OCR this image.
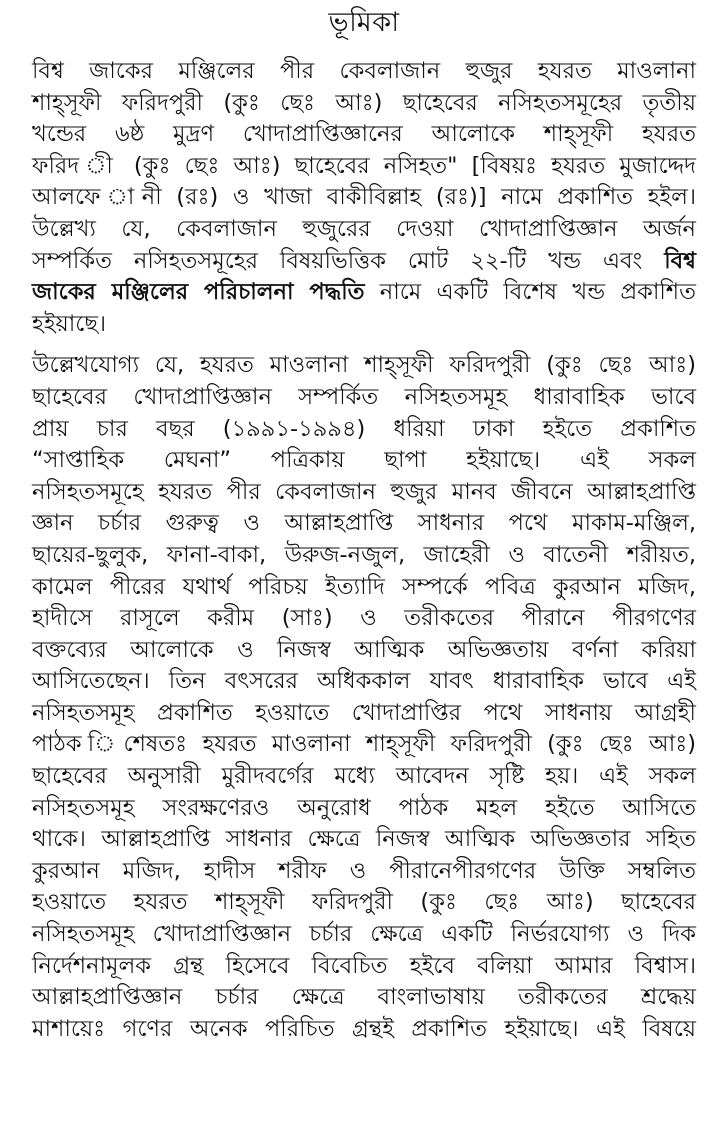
ভূমিকা
বিশ্ব জাকের মঞ্জিলের পীর কেবলাজান হুজুর হযরত মাওলানা
শাহ্‌সূফী ফরিদপুরী (কুঃ ছেঃ আঃ) ছাহেবের নসিহতসমূহের তৃতীয়
খন্ডের ৬ষ্ঠ মুদ্রণ খোদাপ্রাপ্তিজ্ঞানের আলোকে শাহ্‌সূফী হযরত
ফরিদ ী (কুঃ ছেঃ আঃ) ছাহেবের নসিহত" [বিষয়ঃ হযরত মুজাদ্দেদ
আলফে ানী (রঃ) ও খাজা বাকীবিল্লাহ (রঃ)] নামে প্রকাশিত হইল।
উল্লেখ্য যে, কেবলাজান হুজুরের দেওয়া খোদাপ্রাপ্তিজ্ঞান অর্জন
সম্পর্কিত নসিহতসমূহের বিষয়ভিত্তিক মোট ২২-টি খন্ড এবং বিশ্ব
জাকের মঞ্জিলের পরিচালনা পদ্ধতি নামে একটি বিশেষ খন্ড প্রকাশিত
হইয়াছে।
উল্লেখযোগ্য যে, হযরত মাওলানা শাহ্‌সূফী ফরিদপুরী (কুঃ ছেঃ আঃ)
ছাহেবের খোদাপ্রাপ্তিজ্ঞান সম্পর্কিত নসিহতসমূহ ধারাবাহিক ভাবে
প্রায় চার বছর (১৯৯১-১৯৯৪) ধরিয়া ঢাকা হইতে প্রকাশিত
“সাপ্তাহিক মেঘনা” পত্রিকায় ছাপা হইয়াছে। এই সকল
নসিহতসমূহে হযরত পীর কেবলাজান হুজুর মানব জীবনে আল্লাহপ্রাপ্তি
জ্ঞান চর্চার গুরুত্ব ও আল্লাহপ্রাপ্তি সাধনার পথে মাকাম-মঞ্জিল,
ছায়ের-ছুলুক, ফানা-বাকা, উরুজ-নজুল, জাহেরী ও বাতেনী শরীয়ত,
কামেল পীরের যথার্থ পরিচয় ইত্যাদি সম্পর্কে পবিত্র কুরআন মজিদ,
হাদীসে রাসূলে করীম (সাঃ) ও তরীকতের পীরানে পীরগণের
বক্তব্যের আলোকে ও নিজস্ব আত্মিক অভিজ্ঞতায় বর্ণনা করিয়া
আসিতেছেন। তিন বৎসরের অধিককাল যাবৎ ধারাবাহিক ভাবে এই
নসিহতসমূহ প্রকাশিত হওয়াতে খোদাপ্রাপ্তির পথে সাধনায় আগ্রহী
পাঠক িশেষতঃ হযরত মাওলানা শাহ্‌সূফী ফরিদপুরী (কুঃ ছেঃ আঃ)
ছাহেবের অনুসারী মুরীদবর্গের মধ্যে আবেদন সৃষ্টি হয়। এই সকল
নসিহতসমূহ সংরক্ষণেরও অনুরোধ পাঠক মহল হইতে আসিতে
থাকে। আল্লাহপ্রাপ্তি সাধনার ক্ষেত্রে নিজস্ব আত্মিক অভিজ্ঞতার সহিত
কুরআন মজিদ, হাদীস শরীফ ও পীরানেপীরগণের উক্তি সম্বলিত
হওয়াতে হযরত শাহ্‌সূফী ফরিদপুরী (কুঃ ছেঃ আঃ) ছাহেবের
নসিহতসমূহ খোদাপ্রাপ্তিজ্ঞান চর্চার ক্ষেত্রে একটি নির্ভরযোগ্য ও দিক
নির্দেশনামূলক গ্রন্থ হিসেবে বিবেচিত হইবে বলিয়া আমার বিশ্বাস।
আল্লাহপ্রাপ্তিজ্ঞান চর্চার ক্ষেত্রে বাংলাভাষায় তরীকতের শ্রদ্ধেয়
মাশায়েঃ গণের অনেক পরিচিত গ্রন্থই প্রকাশিত হইয়াছে। এই বিষয়ে
